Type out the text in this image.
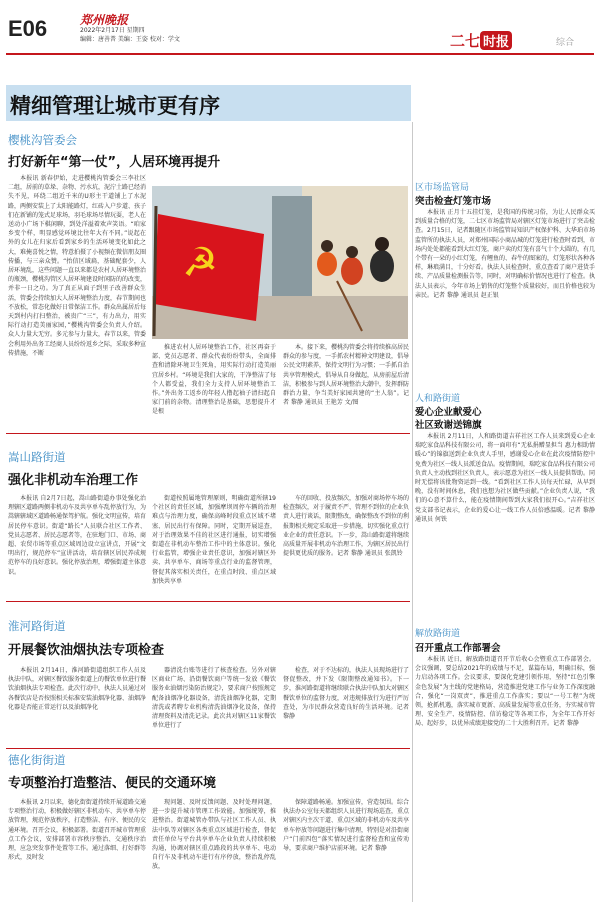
E06	郑州晚报
2022年2月17日 星期四
编辑：唐善普 美编：王姿 校对：学文	二七 时报	综合
精细管理让城市更有序
樱桃沟管委会
打好新年“第一仗”，人居环境再提升
本报讯 新春伊始，走进樱桃沟管委会三李社区二组，居前的草垛、杂物、污水坑，泥泞土路已经消失不见，环绕二组近千米的U形主干道铺上了水泥路，两侧安装上了太阳能路灯，红砖入户步道、孩子们在新铺的笼式足球场，羽毛球场尽情玩耍，老人在送动小广场下棋闲聊，到处洋溢着欢声笑语。“咱家乡变个样，明显感觉环境比往年大有不同。”说起在外的女儿在归家后看到家乡的生活环境变化如此之大，难掩喜悦之情，特意拍摄了小视频在微信朋友圈传播，与三亲众赞。“抬信区域扁，基础配套少，人居环境乱，这些问题一直以来都是农村人居环境整治的瓶颈，樱桃沟管区人居环境建设时闲防的的改变，并非一日之功。为了真正从面子到里子改善群众生活，管委会持续加大人居环境整治力度，春节期间也不放松，常态化做好日常保洁工作。群众出属居后每天到村内打扫整治，被贵广“三”，有力出力，用实际行动打造美丽家园，”樱桃沟管委会负责人介绍。众人力量大无穷。多元参与力量大，春节以来，管委会利用外出务工经商人员纷纷返乡之际，采取多种宣传措施，不断
☭
推进农村人居环境整治工作，社区再奋于部、党员志愿者、群众代表纷纷带头，全面排查和清除环境卫生死角，用实际行动打造美丽宜居乡村。“环境是我们大家的，干净整洁了每个人都受益，我们全力支持人居环境整治工作。”外出务工返乡的年轻人撸起袖子清扫起自家门前的杂物。清理整治是基础，思想提升才是根
本。接下来，樱桃沟管委会将持续推高居民群众的参与度，一手抓农村精神文明建设，倡导公民文明素养，保持文明行为习惯；一手抓自治共享管理模式，倡导从自身做起，从房前屋后清洁，积极参与到人居环境整治大潮中，发挥群防群治力量，争当美好家园共建的“主人翁”。记者 黎静 通讯员 王艳芳 文/图
嵩山路街道
强化非机动车治理工作
本报讯 自2月7日起，嵩山路街道办事处强化治理辖区道路两侧非机动车及共享单车乱停放行为，为嵩辖辖域区道路畅通保驾护航。强化文明宣传，培育居民停车意识。街道“路长”人员联合社区工作者、党员志愿者、居民志愿者等，在驻地门口、市场、商超、农贸市场等重点区域周边设立宣讲点，开展“文明出行，规范停车”宣讲活动，培育辖区居民养成规范停车的良好意识。强化停放治理，增强街道主体意识。
街道按照属地管理原则，明确街道所辖19个社区的责任区域，加强摩坝周停车辆的治理难点与治理力度，确保高峰时段重点区域不堵塞、居民出行有保障。同时，定期开展巡查，对于治理效果不佳的社区进行通报，切实增强街道在非机动车整治工作中的主体意识。强化行业监管，增强企业责任意识，加强对辖区外卖、共享单车、商场等重点行业的监督管理，督促其落实相关责任，在重点时段、重点区域加快共享单
车的回收、投放频次，加强对商场停车场的检查频次，对于履责不严、管理不到位的企业负责人进行谈话，限期整改，确保整改不到位的利报期相关规定采取进一步措施，切实强化重点行业企业的责任意识。下一步，嵩山路街道将继续高质量开展非机动车治理工作，为辖区居民出行提供更优质的服务。记者 黎静 通讯员 张凯铃
淮河路街道
开展餐饮油烟执法专项检查
本报讯 2月14日，淮河路街道组织工作人员及执法中队，对辖区餐饮服务街道上的餐饮单位进行餐饮油烟执法专项检查。此次行动中，执法人员通过对各餐饮店是否按照相关标准安装油烟净化器、油烟净化器是否能正常运行以及油烟净化
器清洗台账等进行了核查检查。另外对辖区商业广场、沿街餐饮商户等统一发放《餐饮服务业油烟污染防治规定》，要求商户按照规定配备油烟净化器设备，清洗油烟净化器，定期清洗或者聘专业机构清洗油烟净化设备，保持清理资料及清洗记录。此次共对辖区11家餐饮单位进行了
检查，对于不达标的，执法人员现场进行了督促整改，并下发《限期整改通知书》。下一步，淮河路街道将继续联合执法中队加大对辖区餐饮单位的监督力度，对违规排放行为进行严厉查处，为市民群众营造良好的生活环境。记者 黎静
德化街街道
专项整治打造整洁、便民的交通环境
本报讯 2月以来，德化街街道持续开展道路交通专项整治行动，积极做好辖区非机动车、共享单车停放管理，规范停放秩序，打造整洁、有序、便民的交通环境。召开会议，积极部署。街道召开城市管理重点工作会议，安排部署市容秩序整治、交通秩序治理，应急突发事件处置等工作。通过落细、打好群等形式，及时发
现问题、及时反馈问题、及时处理问题，进一步提升城市管理工作效能。加强统筹，推进整治。街道城管办带队与社区工作人员、执法中队等对辖区各类重点区域进行检查，督促责任单位与平台共享单车企业负责人持续积极沟通，协调对辖区重点路段的共享单车、电动自行车及非机动车进行有序停放，整治乱停乱放，
保障道路畅通。加强宣传，营造氛围。综合执法办公室每天都组织人员进行现场巡查，重点对辖区内主次干道、重点区域的非机动车及共享单车停放等问题进行集中清理，特别是对沿街商户“门前四包”落实情况进行监督检查和宣传劝导，要求商户维护店前环境。记者 黎静
区市场监管局
突击检查灯笼市场
本报讯 正月十五挂灯笼，是我国的传统习俗，为让人民群众买到质量合格的灯笼，二七区市场监管局对辖区灯笼市场进行了突击检查。2月15日，记者跟随区市场监管局知识产权保护科、大华珀市场监管所的执法人员，对郑州国际小商品城的灯笼进行检查时看到，市场内处处都能看到大红灯笼，商户卖的灯笼有喜气十个大圆的，有几个带有一朵的小红灯笼，有鲤鱼的、春牛的图案的，灯笼形状各种各样，琳琅满目，十分好看。执法人员检查时，重点查看了商户进货手续、产品质量检测报告等，同时，对明确标价情况也进行了检查。执法人员表示，今年市场上销售的灯笼整个质量较好，而且价格也较为亲民。记者 黎静 通讯员 赵正银
人和路街道
爱心企业献爱心
社区致谢送锦旗
本报讯 2月11日，人和路街道吉祥社区工作人员来到爱心企业瑞吃家食品科技有限公司，将一面印有“无私捐赠显担当 惠力相助情暖心”的锦旗送到企业负责人手里，感谢爱心企业在此次疫情防控中免费为社区一线人员派送食品。疫情期间，瑞吃家食品科技有限公司负责人主动找到社区负责人，表示愿意为社区一线人员提供帮助。同时无偿将该批物资运到一线。“看到社区工作人员每天忙碌，从早到晚，没有时间休息，我们也想为社区做些贡献。”企业负责人说，“我们的心意不算什么，能在疫情期间帮到大家我们很开心。”吉祥社区党支部书记表示，企业的爱心让一线工作人员倍感温暖。记者 黎静 通讯员 何铁
解放路街道
召开重点工作部署会
本报讯 近日，解放路街道召开节后收心会暨重点工作部署会。会议强调，要总结2021年的成绩与不足，谋篇布局，明确目标，强力启动各项工作。会议要求，要深化党建引领作用，坚持“红色引擎 金色发展”为主线的党建格局，营造推进党建工作与业务工作深度融合，强化“一岗双责”，推进重点工作落实；要以“一号工程”为统领，抢抓机遇，落实城市更新、高质量发展等重点任务，夯实城市管理、安全生产、疫情防控、信访稳定等各项工作，为全年工作开好局、起好步，以优异成绩迎接党的二十大胜利召开。记者 黎静
